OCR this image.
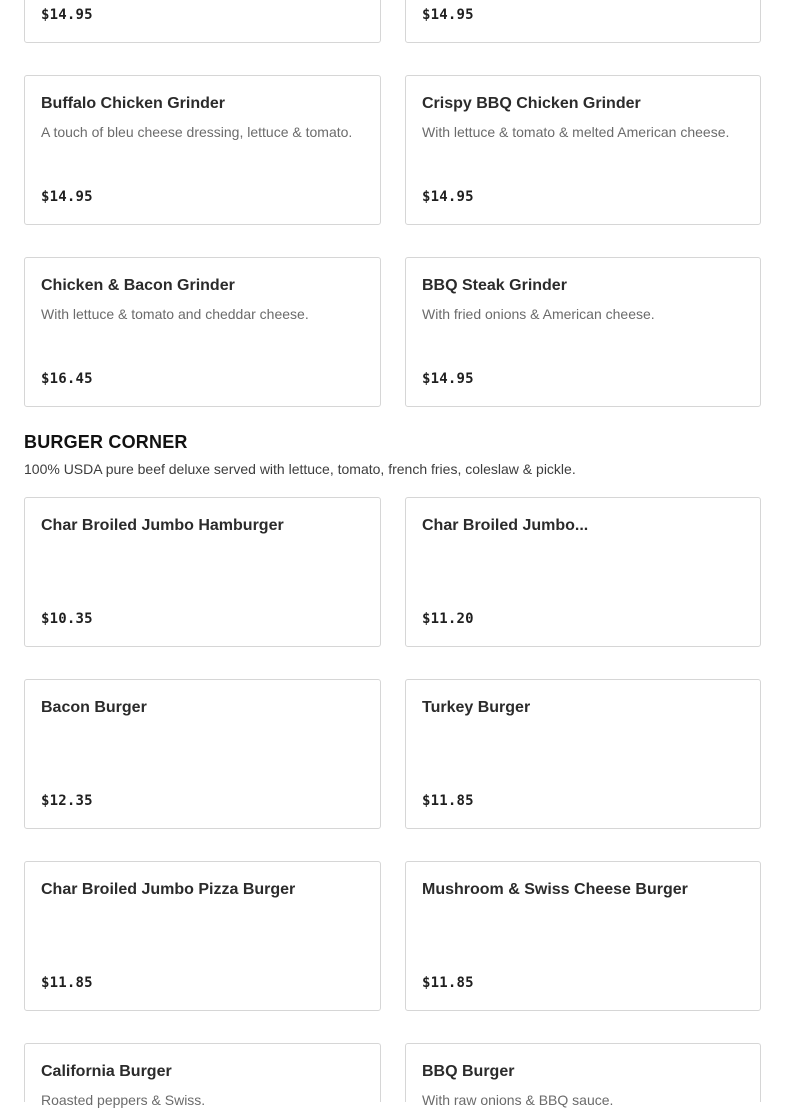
$14.95	$14.95
Buffalo Chicken Grinder
A touch of bleu cheese dressing, lettuce & tomato.
$14.95
Crispy BBQ Chicken Grinder
With lettuce & tomato & melted American cheese.
$14.95
Chicken & Bacon Grinder
With lettuce & tomato and cheddar cheese.
$16.45
BBQ Steak Grinder
With fried onions & American cheese.
$14.95
BURGER CORNER

100% USDA pure beef deluxe served with lettuce, tomato, french fries, coleslaw & pickle.

Char Broiled Jumbo Hamburger
$10.35
Char Broiled Jumbo...
$11.20
Bacon Burger
$12.35
Turkey Burger
$11.85
Char Broiled Jumbo Pizza Burger
$11.85
Mushroom & Swiss Cheese Burger
$11.85
California Burger
Roasted peppers & Swiss.
BBQ Burger
With raw onions & BBQ sauce.
